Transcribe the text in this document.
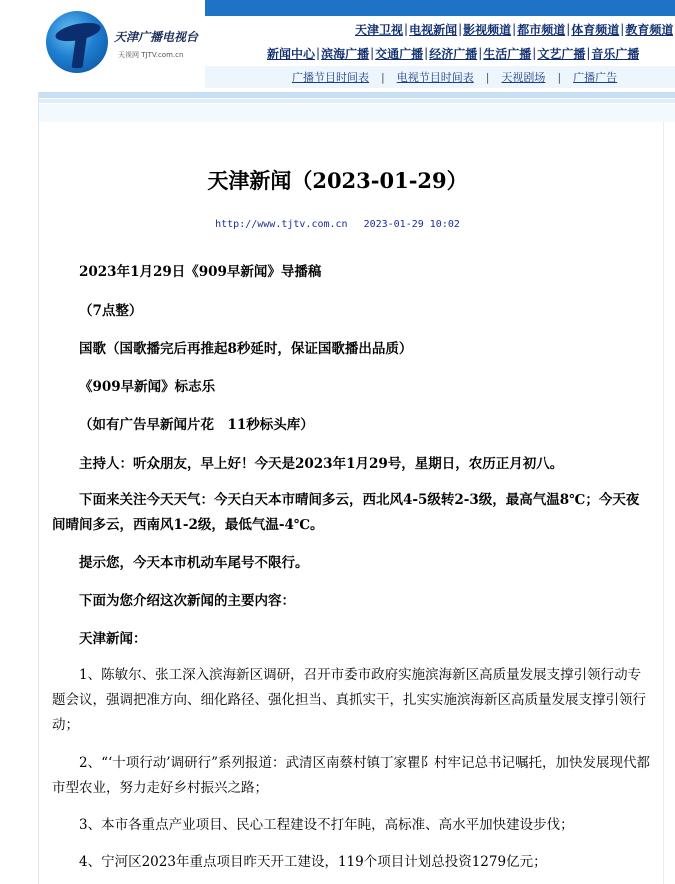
天津广播电视台
天视网 TJTV.com.cn
天津卫视 | 电视新闻 | 影视频道 | 都市频道 | 体育频道 | 教育频道
新闻中心 | 滨海广播 | 交通广播 | 经济广播 | 生活广播 | 文艺广播 | 音乐广播
广播节目时间表 | 电视节目时间表 | 天视剧场 | 广播广告
天津新闻（2023-01-29）
http://www.tjtv.com.cn 2023-01-29 10:02

2023年1月29日《909早新闻》导播稿

（7点整）

国歌（国歌播完后再推起8秒延时，保证国歌播出品质）

《909早新闻》标志乐

（如有广告早新闻片花　11秒标头库）

主持人：听众朋友，早上好！今天是2023年1月29号，星期日，农历正月初八。

下面来关注今天天气：今天白天本市晴间多云，西北风4-5级转2-3级，最高气温8℃；今天夜间晴间多云，西南风1-2级，最低气温-4℃。

提示您，今天本市机动车尾号不限行。

下面为您介绍这次新闻的主要内容：

天津新闻：

1、陈敏尔、张工深入滨海新区调研，召开市委市政府实施滨海新区高质量发展支撑引领行动专题会议，强调把准方向、细化路径、强化担当、真抓实干，扎实实施滨海新区高质量发展支撑引领行动；

2、“‘十项行动’调研行”系列报道：武清区南蔡村镇丁家瞿阝村牢记总书记嘱托，加快发展现代都市型农业，努力走好乡村振兴之路；

3、本市各重点产业项目、民心工程建设不打年盹，高标准、高水平加快建设步伐；

4、宁河区2023年重点项目昨天开工建设，119个项目计划总投资1279亿元；
